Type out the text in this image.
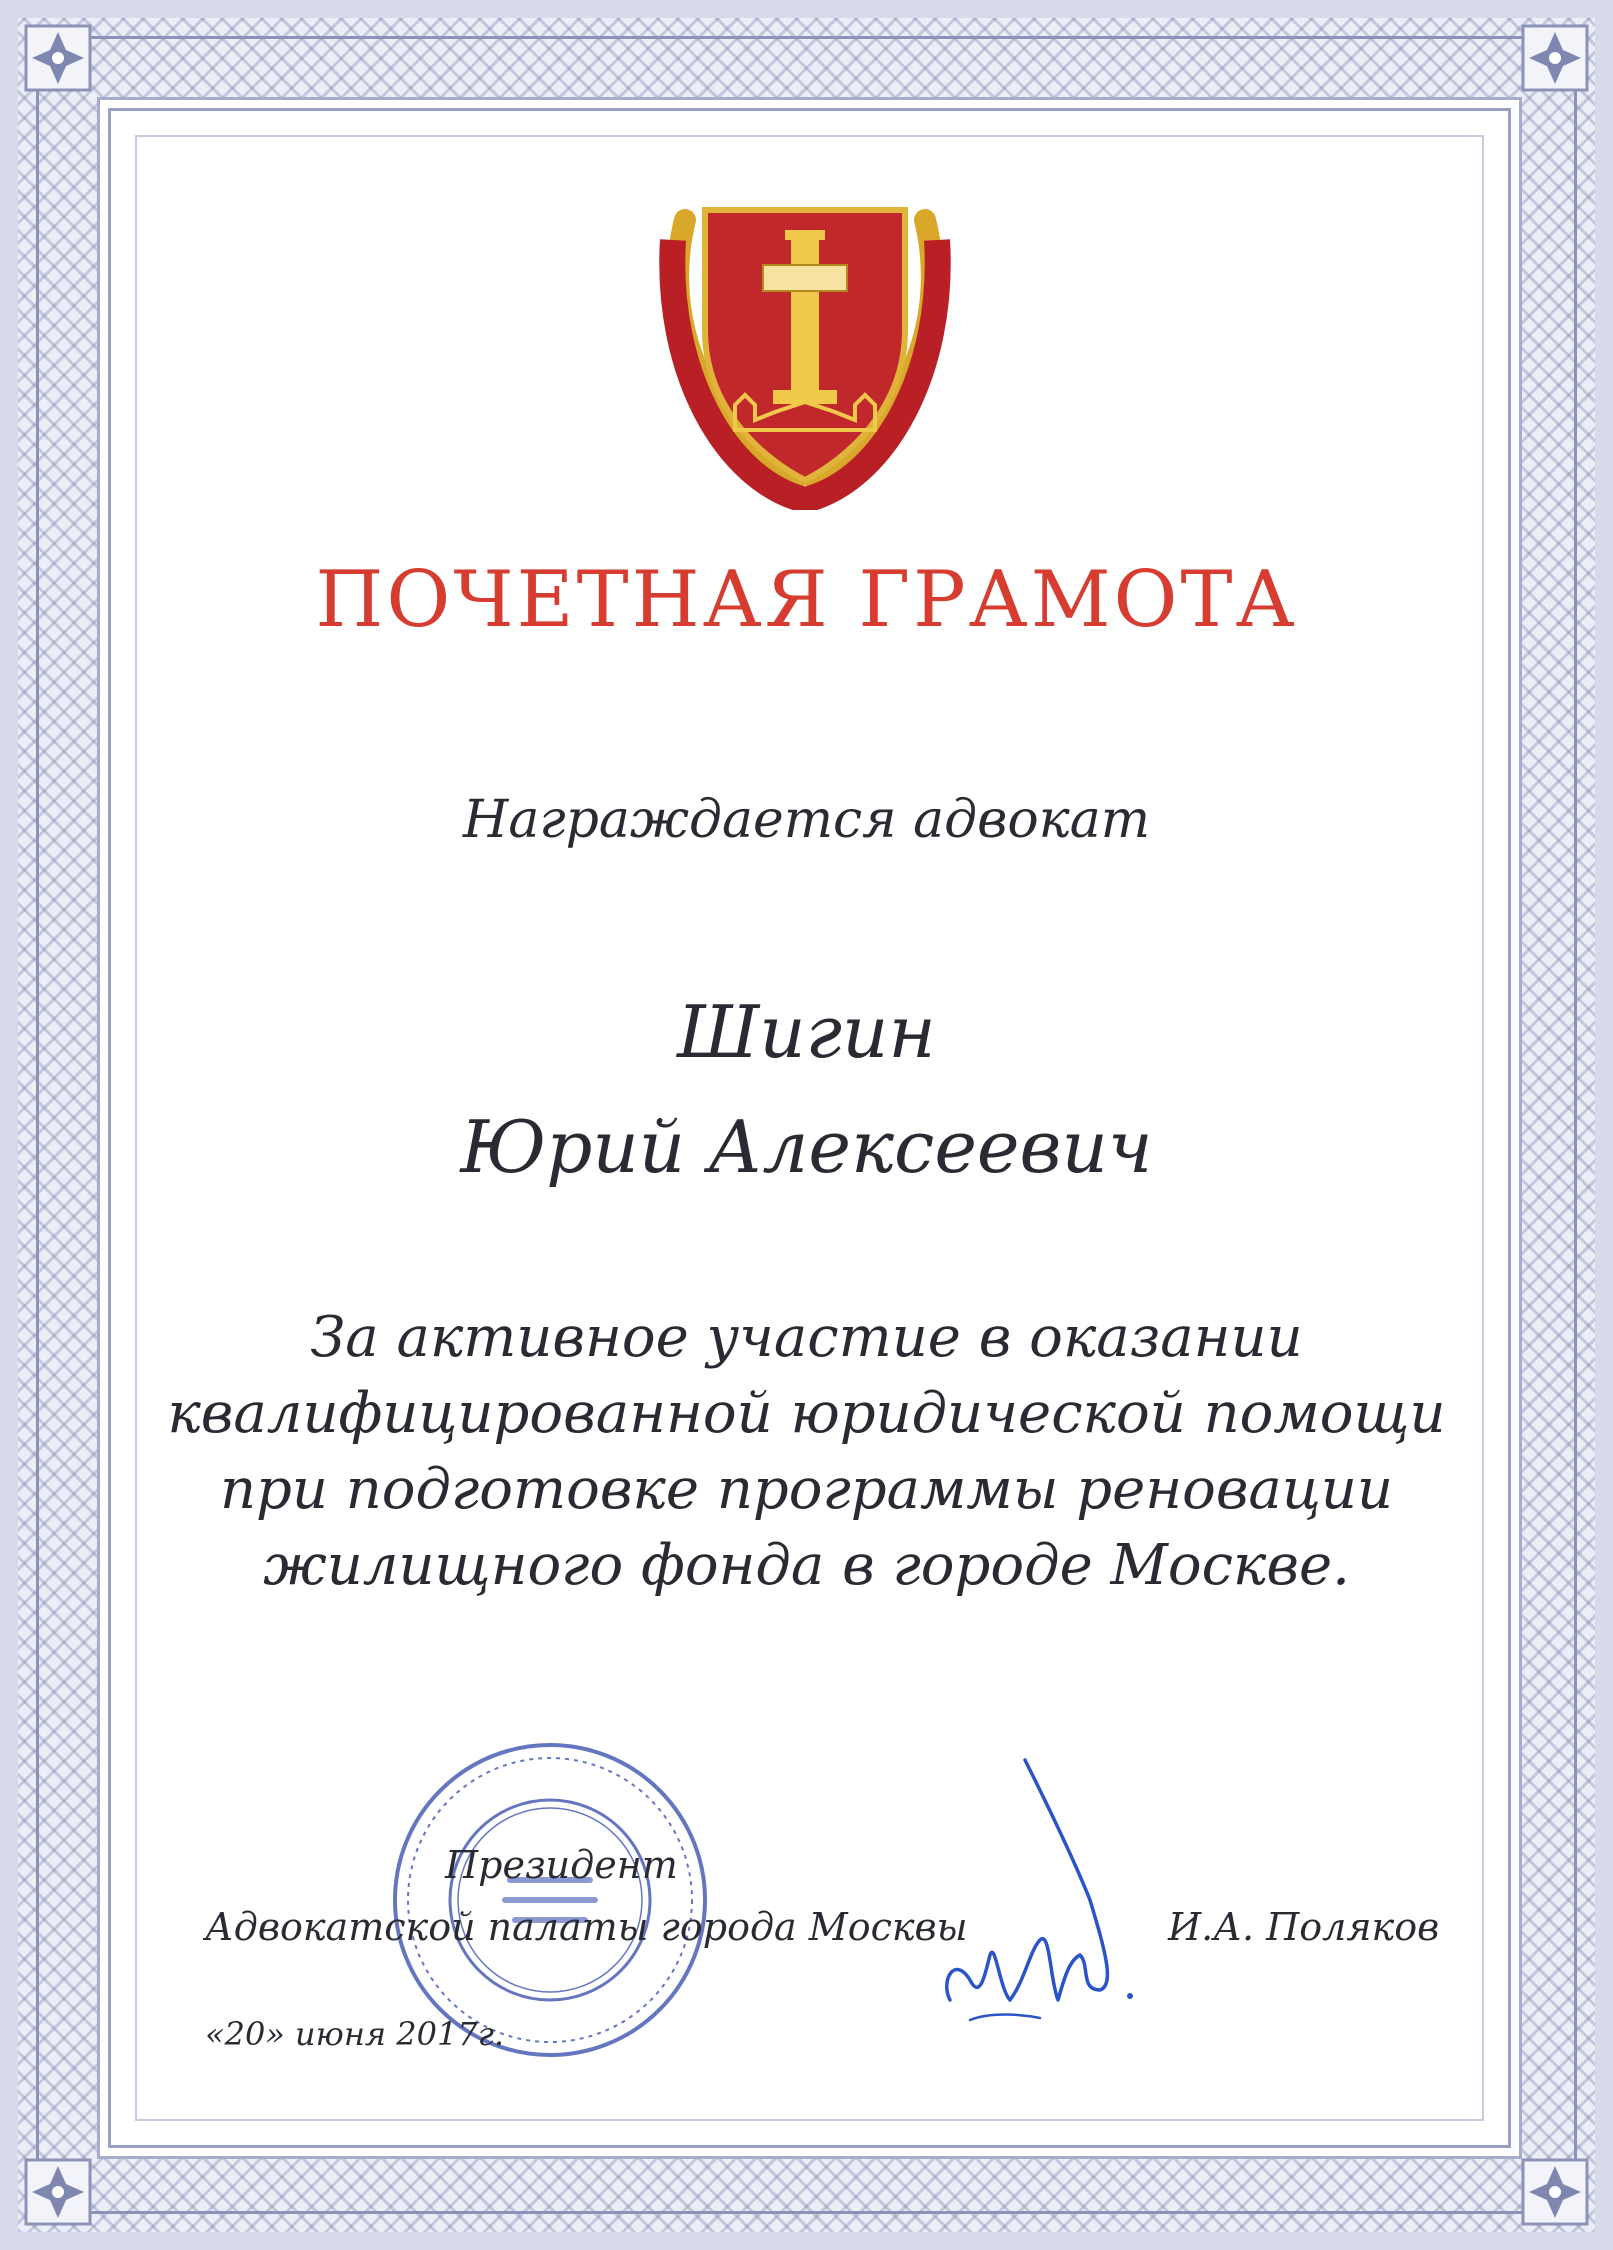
ПОЧЕТНАЯ ГРАМОТА
Награждается адвокат
Шигин
Юрий Алексеевич
За активное участие в оказании
квалифицированной юридической помощи
при подготовке программы реновации
жилищного фонда в городе Москве.
Президент
Адвокатской палаты города Москвы	И.А. Поляков
«20» июня 2017г.
